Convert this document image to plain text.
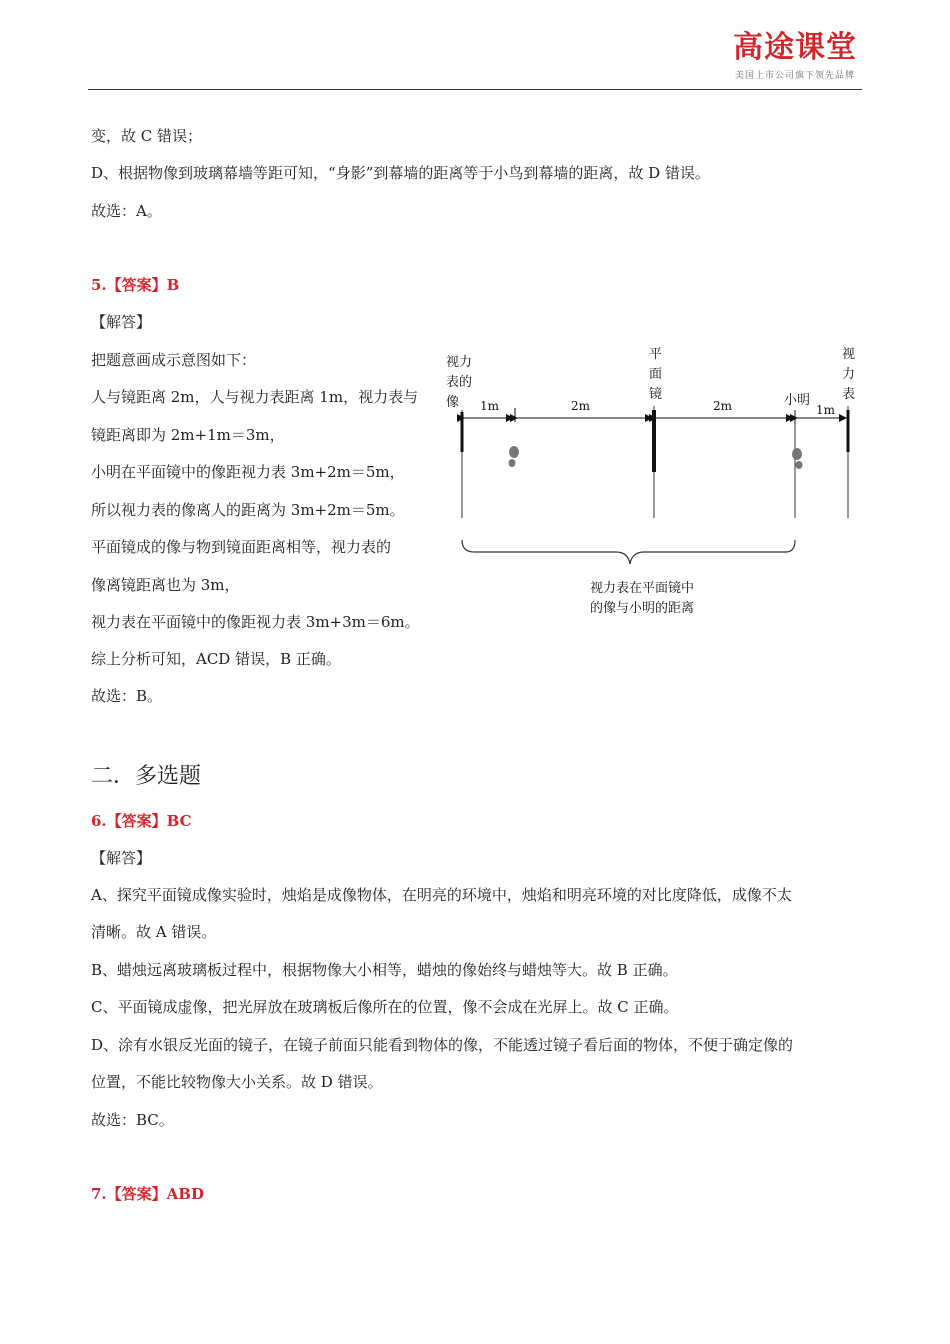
高途课堂
美国上市公司旗下领先品牌
变，故 C 错误；
D、根据物像到玻璃幕墙等距可知，“身影”到幕墙的距离等于小鸟到幕墙的距离，故 D 错误。
故选：A。
5.【答案】B
【解答】
把题意画成示意图如下：
人与镜距离 2m，人与视力表距离 1m，视力表与
镜距离即为 2m+1m＝3m，
小明在平面镜中的像距视力表 3m+2m＝5m，
所以视力表的像离人的距离为 3m+2m＝5m。
平面镜成的像与物到镜面距离相等，视力表的
像离镜距离也为 3m，
视力表在平面镜中的像距视力表 3m+3m＝6m。
综上分析可知，ACD 错误，B 正确。
故选：B。
视力
表的
像
平
面
镜
视
力
表
小明
1m	2m	2m	1m
视力表在平面镜中
的像与小明的距离
二．多选题
6.【答案】BC
【解答】
A、探究平面镜成像实验时，烛焰是成像物体，在明亮的环境中，烛焰和明亮环境的对比度降低，成像不太
清晰。故 A 错误。
B、蜡烛远离玻璃板过程中，根据物像大小相等，蜡烛的像始终与蜡烛等大。故 B 正确。
C、平面镜成虚像，把光屏放在玻璃板后像所在的位置，像不会成在光屏上。故 C 正确。
D、涂有水银反光面的镜子，在镜子前面只能看到物体的像，不能透过镜子看后面的物体，不便于确定像的
位置，不能比较物像大小关系。故 D 错误。
故选：BC。
7.【答案】ABD
